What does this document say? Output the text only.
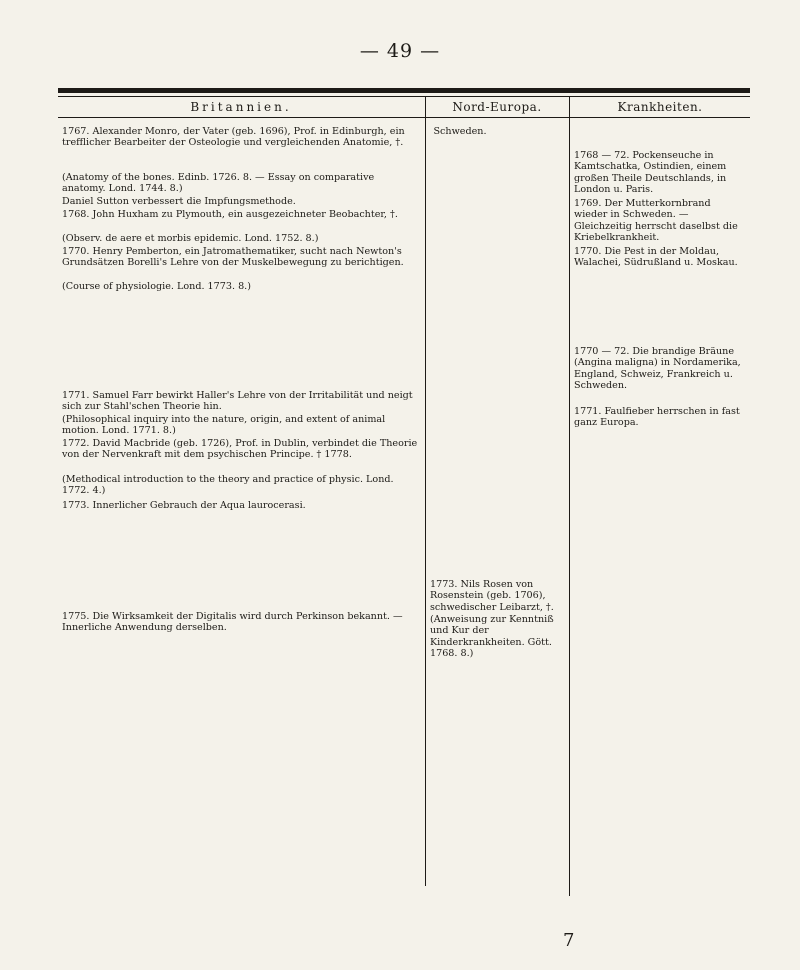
— 49 —
Britannien.	Nord-Europa.	Krankheiten.

1767. Alexander Monro, der Vater (geb. 1696), Prof. in Edinburgh, ein trefflicher Bearbeiter der Osteologie und vergleichenden Anatomie, †.

(Anatomy of the bones. Edinb. 1726. 8. — Essay on comparative anatomy. Lond. 1744. 8.)

Daniel Sutton verbessert die Impfungsmethode.

1768. John Huxham zu Plymouth, ein ausgezeichneter Beobachter, †.

(Observ. de aere et morbis epidemic. Lond. 1752. 8.)

1770. Henry Pemberton, ein Jatromathematiker, sucht nach Newton's Grundsätzen Borelli's Lehre von der Muskelbewegung zu berichtigen.

(Course of physiologie. Lond. 1773. 8.)

1771. Samuel Farr bewirkt Haller's Lehre von der Irritabilität und neigt sich zur Stahl'schen Theorie hin.

(Philosophical inquiry into the nature, origin, and extent of animal motion. Lond. 1771. 8.)

1772. David Macbride (geb. 1726), Prof. in Dublin, verbindet die Theorie von der Nervenkraft mit dem psychischen Principe. † 1778.

(Methodical introduction to the theory and practice of physic. Lond. 1772. 4.)

1773. Innerlicher Gebrauch der Aqua laurocerasi.

1775. Die Wirksamkeit der Digitalis wird durch Perkinson bekannt. — Innerliche Anwendung derselben.

Schweden.

1773. Nils Rosen von Rosenstein (geb. 1706), schwedischer Leibarzt, †.

(Anweisung zur Kenntniß und Kur der Kinderkrankheiten. Gött. 1768. 8.)

1768 — 72. Pockenseuche in Kamtschatka, Ostindien, einem großen Theile Deutschlands, in London u. Paris.

1769. Der Mutterkornbrand wieder in Schweden. — Gleichzeitig herrscht daselbst die Kriebelkrankheit.

1770. Die Pest in der Moldau, Walachei, Südrußland u. Moskau.

1770 — 72. Die brandige Bräune (Angina maligna) in Nordamerika, England, Schweiz, Frankreich u. Schweden.

1771. Faulfieber herrschen in fast ganz Europa.

7
